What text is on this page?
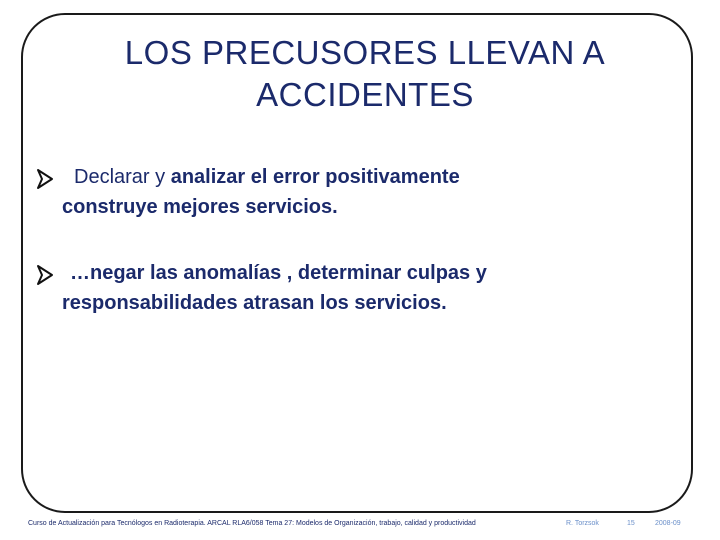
LOS PRECUSORES LLEVAN A
ACCIDENTES
Declarar y analizar el error positivamente
construye mejores servicios.
…negar las anomalías , determinar culpas y
responsabilidades atrasan los servicios.
Curso de Actualización para Tecnólogos en Radioterapia. ARCAL RLA6/058 Tema 27: Modelos de Organización, trabajo, calidad y productividad	R. Torzsok	15	2008-09
